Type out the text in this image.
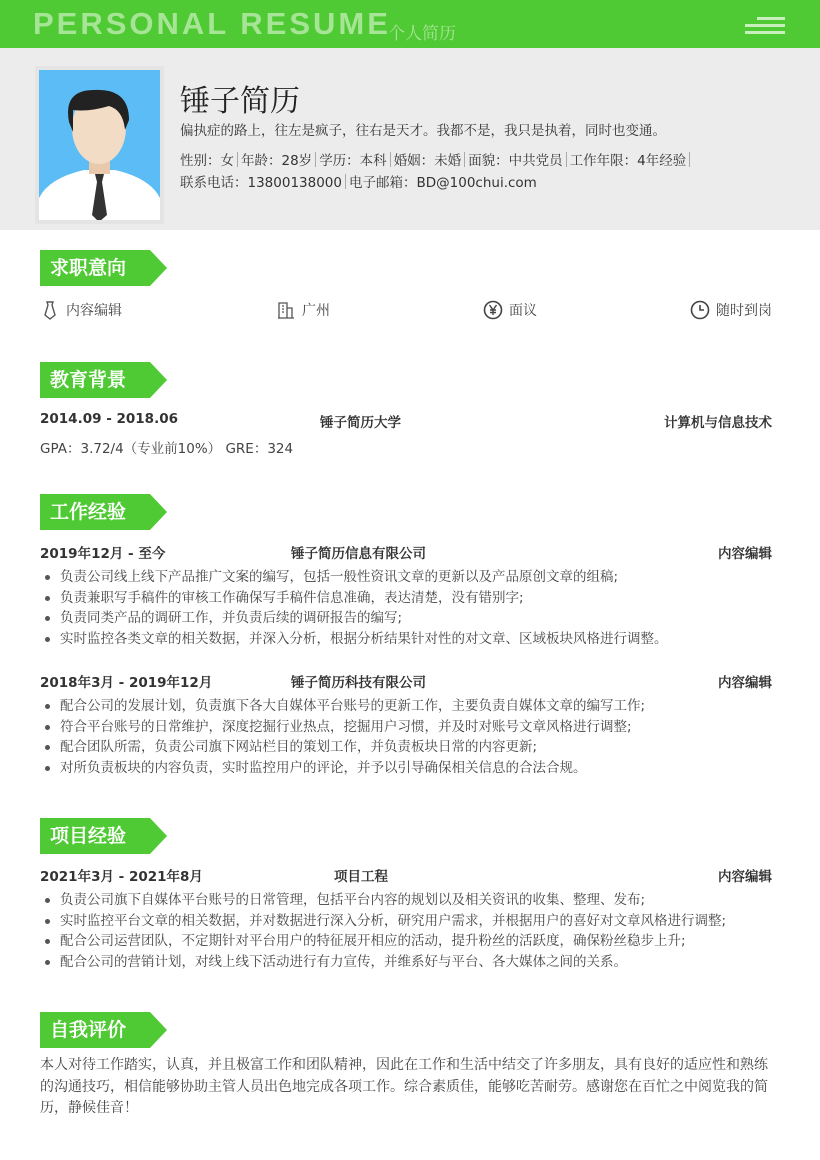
PERSONAL RESUME
个人简历
锤子简历
偏执症的路上，往左是疯子，往右是天才。我都不是，我只是执着，同时也变通。
性别：女 年龄：28岁 学历：本科 婚姻：未婚 面貌：中共党员 工作年限：4年经验
联系电话：13800138000 电子邮箱：BD@100chui.com
求职意向
内容编辑	广州	面议	随时到岗
教育背景
2014.09 - 2018.06	锤子简历大学	计算机与信息技术
GPA：3.72/4（专业前10%） GRE：324
工作经验
2019年12月 - 至今	锤子简历信息有限公司	内容编辑
负责公司线上线下产品推广文案的编写，包括一般性资讯文章的更新以及产品原创文章的组稿;
负责兼职写手稿件的审核工作确保写手稿件信息准确，表达清楚，没有错别字;
负责同类产品的调研工作，并负责后续的调研报告的编写;
实时监控各类文章的相关数据，并深入分析，根据分析结果针对性的对文章、区域板块风格进行调整。
2018年3月 - 2019年12月	锤子简历科技有限公司	内容编辑
配合公司的发展计划，负责旗下各大自媒体平台账号的更新工作，主要负责自媒体文章的编写工作;
符合平台账号的日常维护，深度挖掘行业热点，挖掘用户习惯，并及时对账号文章风格进行调整;
配合团队所需，负责公司旗下网站栏目的策划工作，并负责板块日常的内容更新;
对所负责板块的内容负责，实时监控用户的评论，并予以引导确保相关信息的合法合规。
项目经验
2021年3月 - 2021年8月	项目工程	内容编辑
负责公司旗下自媒体平台账号的日常管理，包括平台内容的规划以及相关资讯的收集、整理、发布;
实时监控平台文章的相关数据，并对数据进行深入分析，研究用户需求，并根据用户的喜好对文章风格进行调整;
配合公司运营团队，不定期针对平台用户的特征展开相应的活动，提升粉丝的活跃度，确保粉丝稳步上升;
配合公司的营销计划，对线上线下活动进行有力宣传，并维系好与平台、各大媒体之间的关系。
自我评价
本人对待工作踏实，认真，并且极富工作和团队精神，因此在工作和生活中结交了许多朋友，具有良好的适应性和熟练的沟通技巧，相信能够协助主管人员出色地完成各项工作。综合素质佳，能够吃苦耐劳。感谢您在百忙之中阅览我的简历，静候佳音！
